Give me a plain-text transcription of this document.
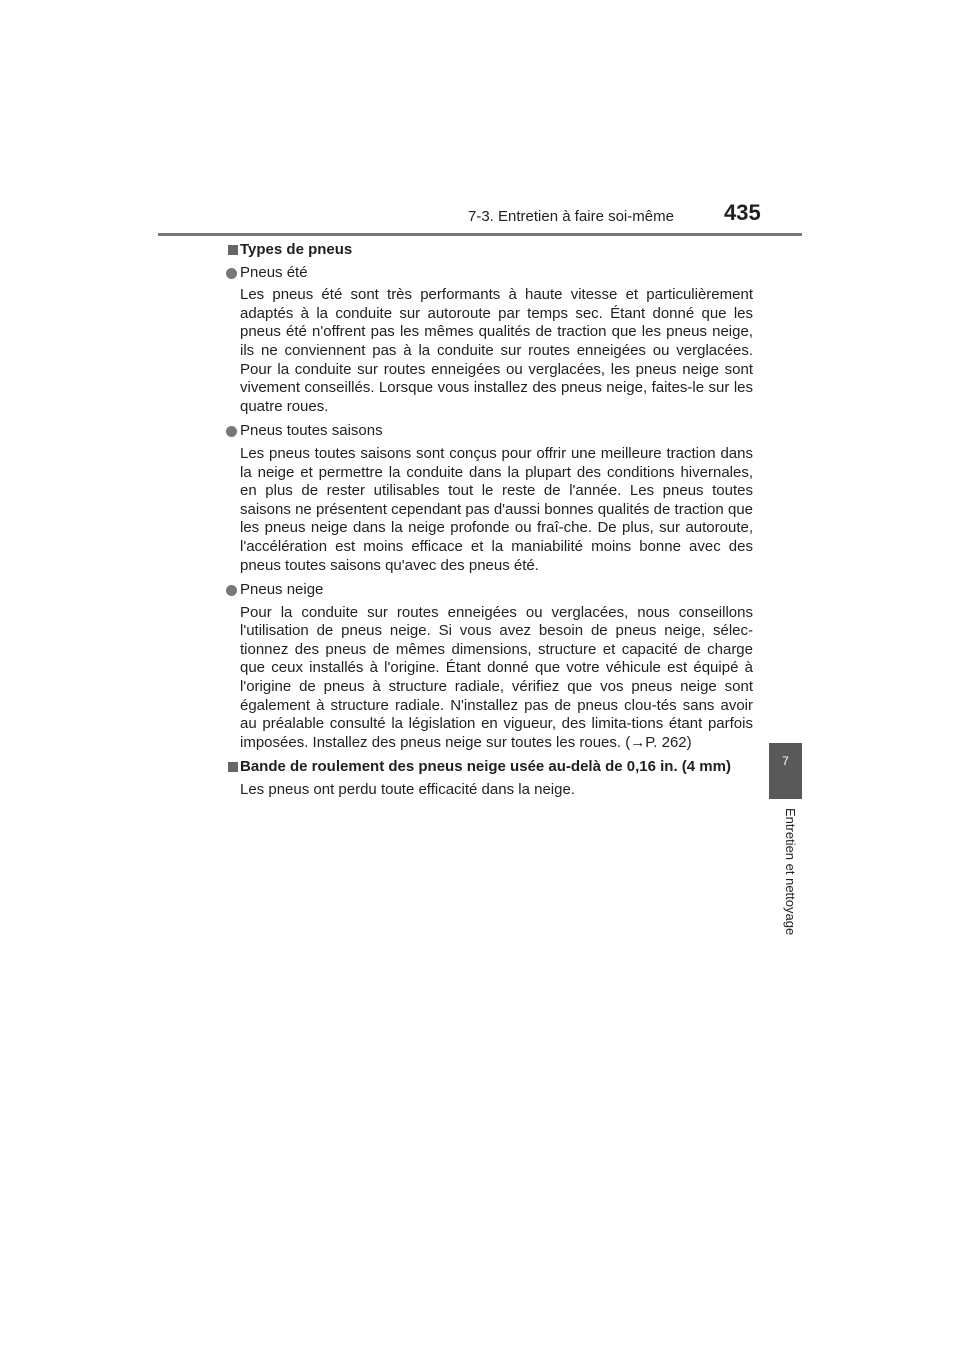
7-3. Entretien à faire soi-même 435
7
Entretien et nettoyage
Types de pneus
Pneus été
Les pneus été sont très performants à haute vitesse et particulièrement adaptés à la conduite sur autoroute par temps sec. Étant donné que les pneus été n'offrent pas les mêmes qualités de traction que les pneus neige, ils ne conviennent pas à la conduite sur routes enneigées ou verglacées. Pour la conduite sur routes enneigées ou verglacées, les pneus neige sont vivement conseillés. Lorsque vous installez des pneus neige, faites-le sur les quatre roues.
Pneus toutes saisons
Les pneus toutes saisons sont conçus pour offrir une meilleure traction dans la neige et permettre la conduite dans la plupart des conditions hivernales, en plus de rester utilisables tout le reste de l'année. Les pneus toutes saisons ne présentent cependant pas d'aussi bonnes qualités de traction que les pneus neige dans la neige profonde ou fraî-che. De plus, sur autoroute, l'accélération est moins efficace et la maniabilité moins bonne avec des pneus toutes saisons qu'avec des pneus été.
Pneus neige
Pour la conduite sur routes enneigées ou verglacées, nous conseillons l'utilisation de pneus neige. Si vous avez besoin de pneus neige, sélec-tionnez des pneus de mêmes dimensions, structure et capacité de charge que ceux installés à l'origine. Étant donné que votre véhicule est équipé à l'origine de pneus à structure radiale, vérifiez que vos pneus neige sont également à structure radiale. N'installez pas de pneus clou-tés sans avoir au préalable consulté la législation en vigueur, des limita-tions étant parfois imposées. Installez des pneus neige sur toutes les roues. (→P. 262)
Bande de roulement des pneus neige usée au-delà de 0,16 in. (4 mm)
Les pneus ont perdu toute efficacité dans la neige.
